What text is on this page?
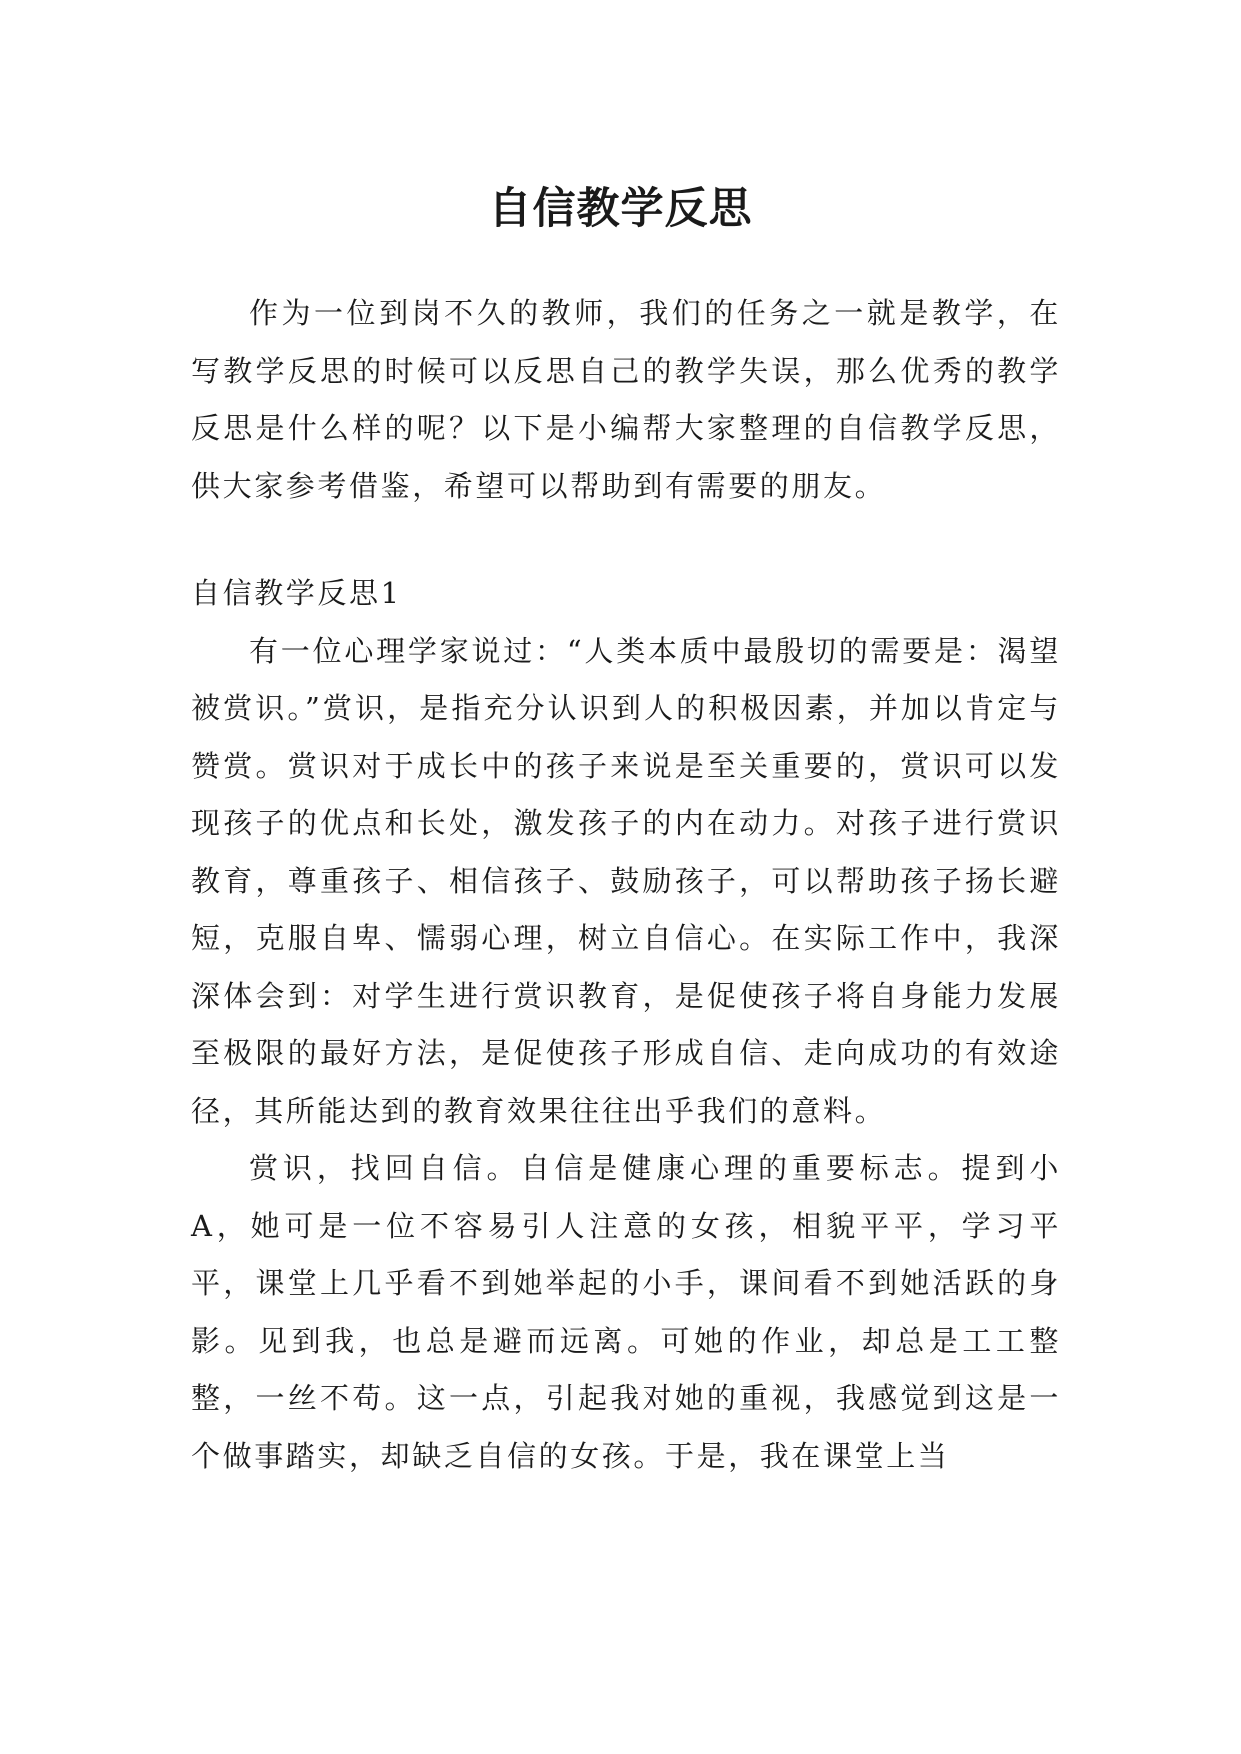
自信教学反思

作为一位到岗不久的教师，我们的任务之一就是教学，在写教学反思的时候可以反思自己的教学失误，那么优秀的教学反思是什么样的呢？以下是小编帮大家整理的自信教学反思，供大家参考借鉴，希望可以帮助到有需要的朋友。

自信教学反思1

有一位心理学家说过：“人类本质中最殷切的需要是：渴望被赏识。”赏识，是指充分认识到人的积极因素，并加以肯定与赞赏。赏识对于成长中的孩子来说是至关重要的，赏识可以发现孩子的优点和长处，激发孩子的内在动力。对孩子进行赏识教育，尊重孩子、相信孩子、鼓励孩子，可以帮助孩子扬长避短，克服自卑、懦弱心理，树立自信心。在实际工作中，我深深体会到：对学生进行赏识教育，是促使孩子将自身能力发展至极限的最好方法，是促使孩子形成自信、走向成功的有效途径，其所能达到的教育效果往往出乎我们的意料。

赏识，找回自信。自信是健康心理的重要标志。提到小A，她可是一位不容易引人注意的女孩，相貌平平，学习平平，课堂上几乎看不到她举起的小手，课间看不到她活跃的身影。见到我，也总是避而远离。可她的作业，却总是工工整整，一丝不苟。这一点，引起我对她的重视，我感觉到这是一个做事踏实，却缺乏自信的女孩。于是，我在课堂上当
